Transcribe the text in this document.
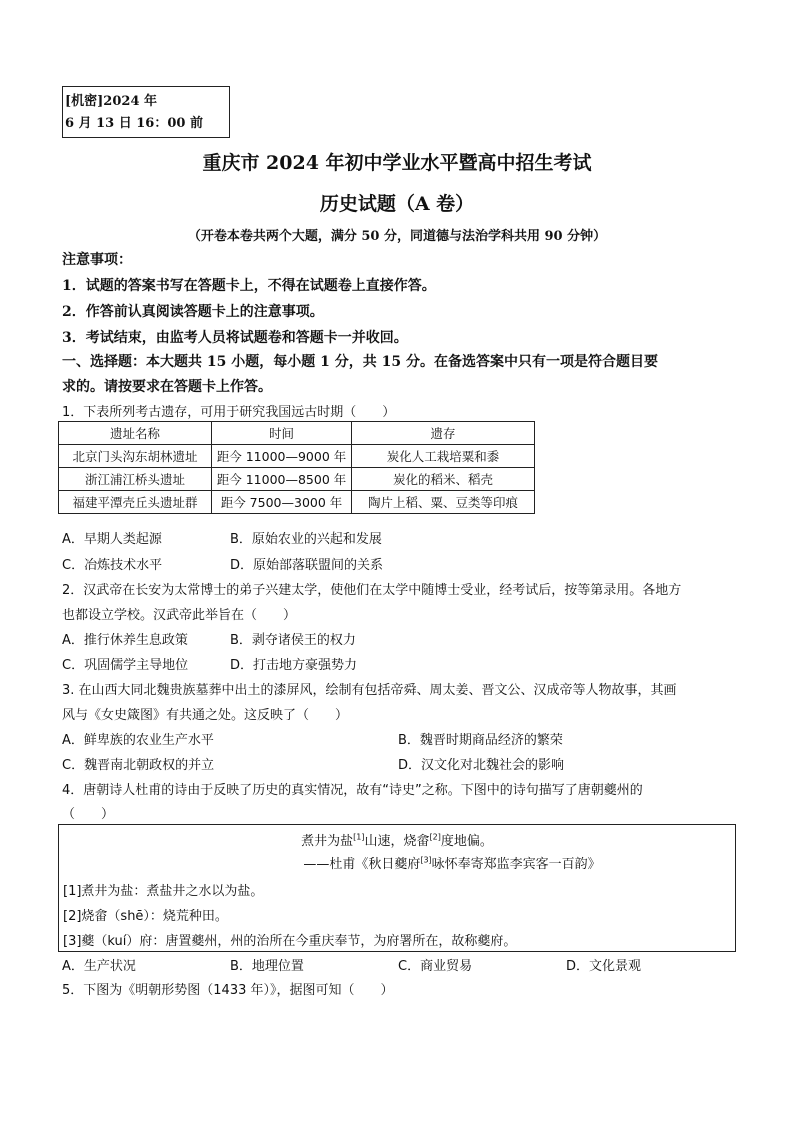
[机密]2024 年
6 月 13 日 16：00 前
重庆市 2024 年初中学业水平暨高中招生考试
历史试题（A 卷）
（开卷本卷共两个大题，满分 50 分，同道德与法治学科共用 90 分钟）
注意事项：
1．试题的答案书写在答题卡上，不得在试题卷上直接作答。
2．作答前认真阅读答题卡上的注意事项。
3．考试结束，由监考人员将试题卷和答题卡一并收回。
一、选择题：本大题共 15 小题，每小题 1 分，共 15 分。在备选答案中只有一项是符合题目要
求的。请按要求在答题卡上作答。
1．下表所列考古遗存，可用于研究我国远古时期（　　）
遗址名称	时间	遗存
北京门头沟东胡林遗址	距今 11000—9000 年	炭化人工栽培粟和黍
浙江浦江桥头遗址	距今 11000—8500 年	炭化的稻米、稻壳
福建平潭壳丘头遗址群	距今 7500—3000 年	陶片上稻、粟、豆类等印痕
A．早期人类起源	B．原始农业的兴起和发展
C．冶炼技术水平	D．原始部落联盟间的关系
2．汉武帝在长安为太常博士的弟子兴建太学，使他们在太学中随博士受业，经考试后，按等第录用。各地方
也都设立学校。汉武帝此举旨在（　　）
A．推行休养生息政策	B．剥夺诸侯王的权力
C．巩固儒学主导地位	D．打击地方豪强势力
3. 在山西大同北魏贵族墓葬中出土的漆屏风，绘制有包括帝舜、周太姜、晋文公、汉成帝等人物故事，其画
风与《女史箴图》有共通之处。这反映了（　　）
A．鲜卑族的农业生产水平	B．魏晋时期商品经济的繁荣
C．魏晋南北朝政权的并立	D．汉文化对北魏社会的影响
4．唐朝诗人杜甫的诗由于反映了历史的真实情况，故有“诗史”之称。下图中的诗句描写了唐朝夔州的
（　　）
煮井为盐[1]山速，烧畲[2]度地偏。
——杜甫《秋日夔府[3]咏怀奉寄郑监李宾客一百韵》
[1]煮井为盐：煮盐井之水以为盐。
[2]烧畲（shē）：烧荒种田。
[3]夔（kuí）府：唐置夔州，州的治所在今重庆奉节，为府署所在，故称夔府。
A．生产状况	B．地理位置	C．商业贸易	D．文化景观
5．下图为《明朝形势图（1433 年）》，据图可知（　　）
